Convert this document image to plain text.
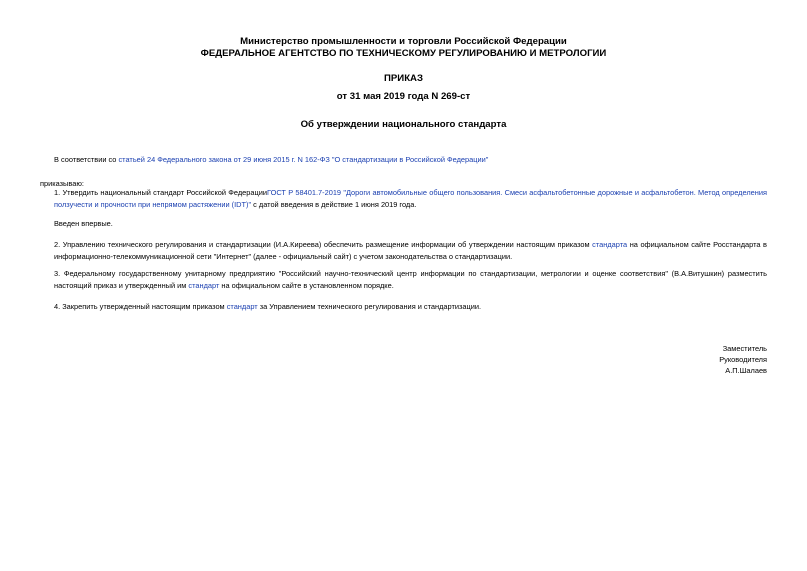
Министерство промышленности и торговли Российской Федерации
ФЕДЕРАЛЬНОЕ АГЕНТСТВО ПО ТЕХНИЧЕСКОМУ РЕГУЛИРОВАНИЮ И МЕТРОЛОГИИ
ПРИКАЗ
от 31 мая 2019 года N 269-ст
Об утверждении национального стандарта
В соответствии со статьей 24 Федерального закона от 29 июня 2015 г. N 162-ФЗ "О стандартизации в Российской Федерации"
приказываю:
1. Утвердить национальный стандарт Российской ФедерацииГОСТ Р 58401.7-2019 "Дороги автомобильные общего пользования. Смеси асфальтобетонные дорожные и асфальтобетон. Метод определения ползучести и прочности при непрямом растяжении (IDT)" с датой введения в действие 1 июня 2019 года.
Введен впервые.
2. Управлению технического регулирования и стандартизации (И.А.Киреева) обеспечить размещение информации об утверждении настоящим приказом стандарта на официальном сайте Росстандарта в информационно-телекоммуникационной сети "Интернет" (далее - официальный сайт) с учетом законодательства о стандартизации.
3. Федеральному государственному унитарному предприятию "Российский научно-технический центр информации по стандартизации, метрологии и оценке соответствия" (В.А.Витушкин) разместить настоящий приказ и утвержденный им стандарт на официальном сайте в установленном порядке.
4. Закрепить утвержденный настоящим приказом стандарт за Управлением технического регулирования и стандартизации.
Заместитель
Руководителя
А.П.Шалаев
